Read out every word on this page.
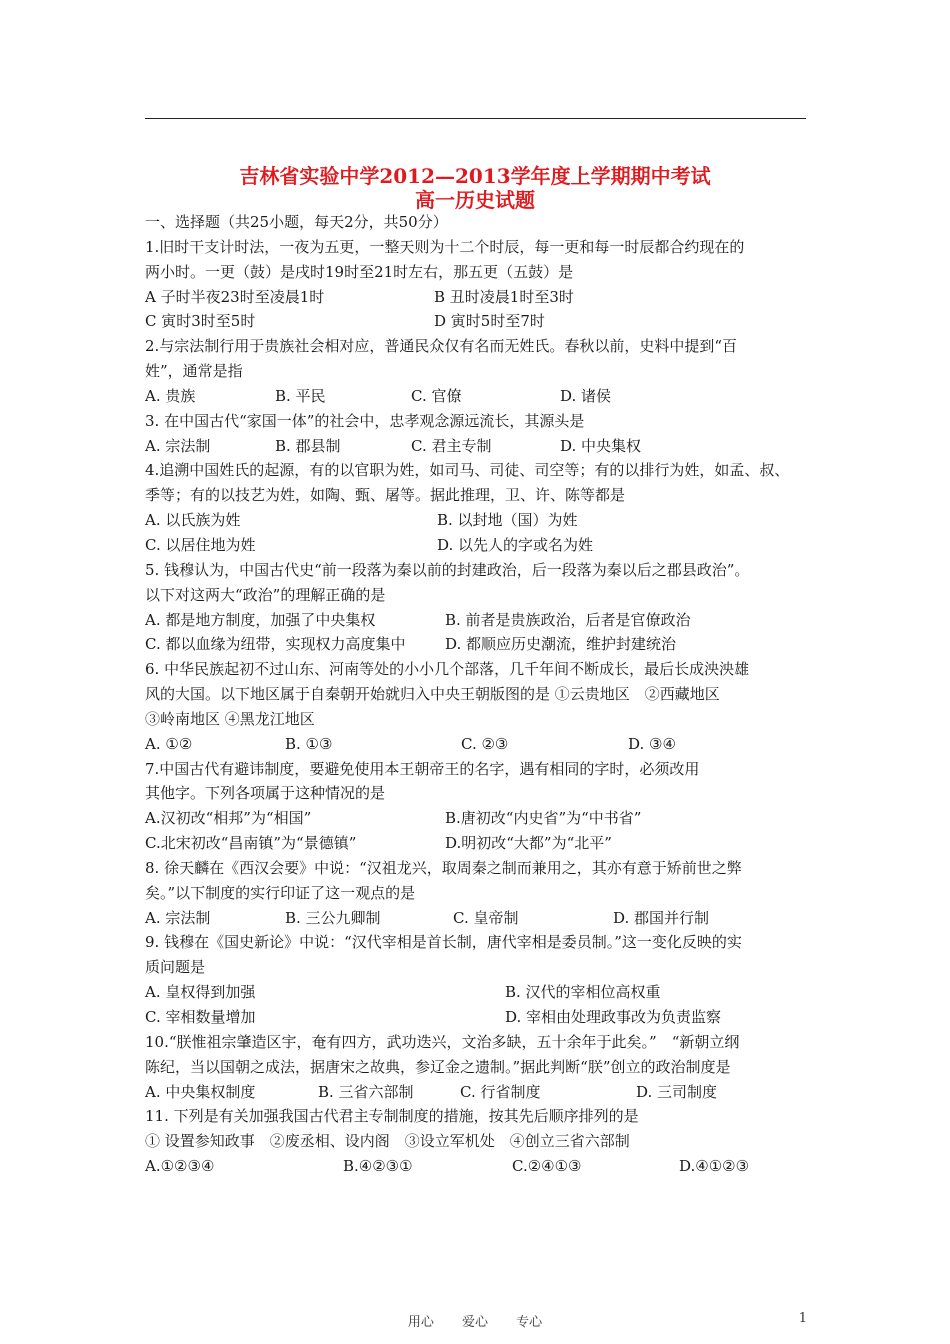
吉林省实验中学2012—2013学年度上学期期中考试
高一历史试题
一、选择题（共25小题，每天2分，共50分）
1.旧时干支计时法，一夜为五更，一整天则为十二个时辰，每一更和每一时辰都合约现在的
两小时。一更（鼓）是戌时19时至21时左右，那五更（五鼓）是
A 子时半夜23时至凌晨1时	B 丑时凌晨1时至3时
C 寅时3时至5时	D 寅时5时至7时
2.与宗法制行用于贵族社会相对应，普通民众仅有名而无姓氏。春秋以前，史料中提到“百
姓”，通常是指
A. 贵族	B. 平民	C. 官僚	D. 诸侯
3. 在中国古代“家国一体”的社会中，忠孝观念源远流长，其源头是
A. 宗法制	B. 郡县制	C. 君主专制	D. 中央集权
4.追溯中国姓氏的起源，有的以官职为姓，如司马、司徒、司空等；有的以排行为姓，如孟、叔、
季等；有的以技艺为姓，如陶、甄、屠等。据此推理，卫、许、陈等都是
A. 以氏族为姓	B. 以封地（国）为姓
C. 以居住地为姓	D. 以先人的字或名为姓
5. 钱穆认为，中国古代史“前一段落为秦以前的封建政治，后一段落为秦以后之郡县政治”。
以下对这两大“政治”的理解正确的是
A. 都是地方制度，加强了中央集权	B. 前者是贵族政治，后者是官僚政治
C. 都以血缘为纽带，实现权力高度集中	D. 都顺应历史潮流，维护封建统治
6. 中华民族起初不过山东、河南等处的小小几个部落，几千年间不断成长，最后长成泱泱雄
风的大国。以下地区属于自秦朝开始就归入中央王朝版图的是 ①云贵地区　②西藏地区
③岭南地区 ④黑龙江地区
A. ①②	B. ①③	C. ②③	D. ③④
7.中国古代有避讳制度，要避免使用本王朝帝王的名字，遇有相同的字时，必须改用
其他字。下列各项属于这种情况的是
A.汉初改“相邦”为“相国”	B.唐初改“内史省”为“中书省”
C.北宋初改“昌南镇”为“景德镇”	D.明初改“大都”为“北平”
8. 徐天麟在《西汉会要》中说：“汉祖龙兴，取周秦之制而兼用之，其亦有意于矫前世之弊
矣。”以下制度的实行印证了这一观点的是
A. 宗法制	B. 三公九卿制	C. 皇帝制	D. 郡国并行制
9. 钱穆在《国史新论》中说：“汉代宰相是首长制，唐代宰相是委员制。”这一变化反映的实
质问题是
A. 皇权得到加强	B. 汉代的宰相位高权重
C. 宰相数量增加	D. 宰相由处理政事改为负责监察
10.“朕惟祖宗肇造区宇，奄有四方，武功迭兴，文治多缺，五十余年于此矣。”　“新朝立纲
陈纪，当以国朝之成法，据唐宋之故典，参辽金之遗制。”据此判断“朕”创立的政治制度是
A. 中央集权制度	B. 三省六部制	C. 行省制度	D. 三司制度
11. 下列是有关加强我国古代君主专制制度的措施，按其先后顺序排列的是
① 设置参知政事　②废丞相、设内阁　③设立军机处　④创立三省六部制
A.①②③④	B.④②③①	C.②④①③	D.④①②③
用心 爱心 专心	1
